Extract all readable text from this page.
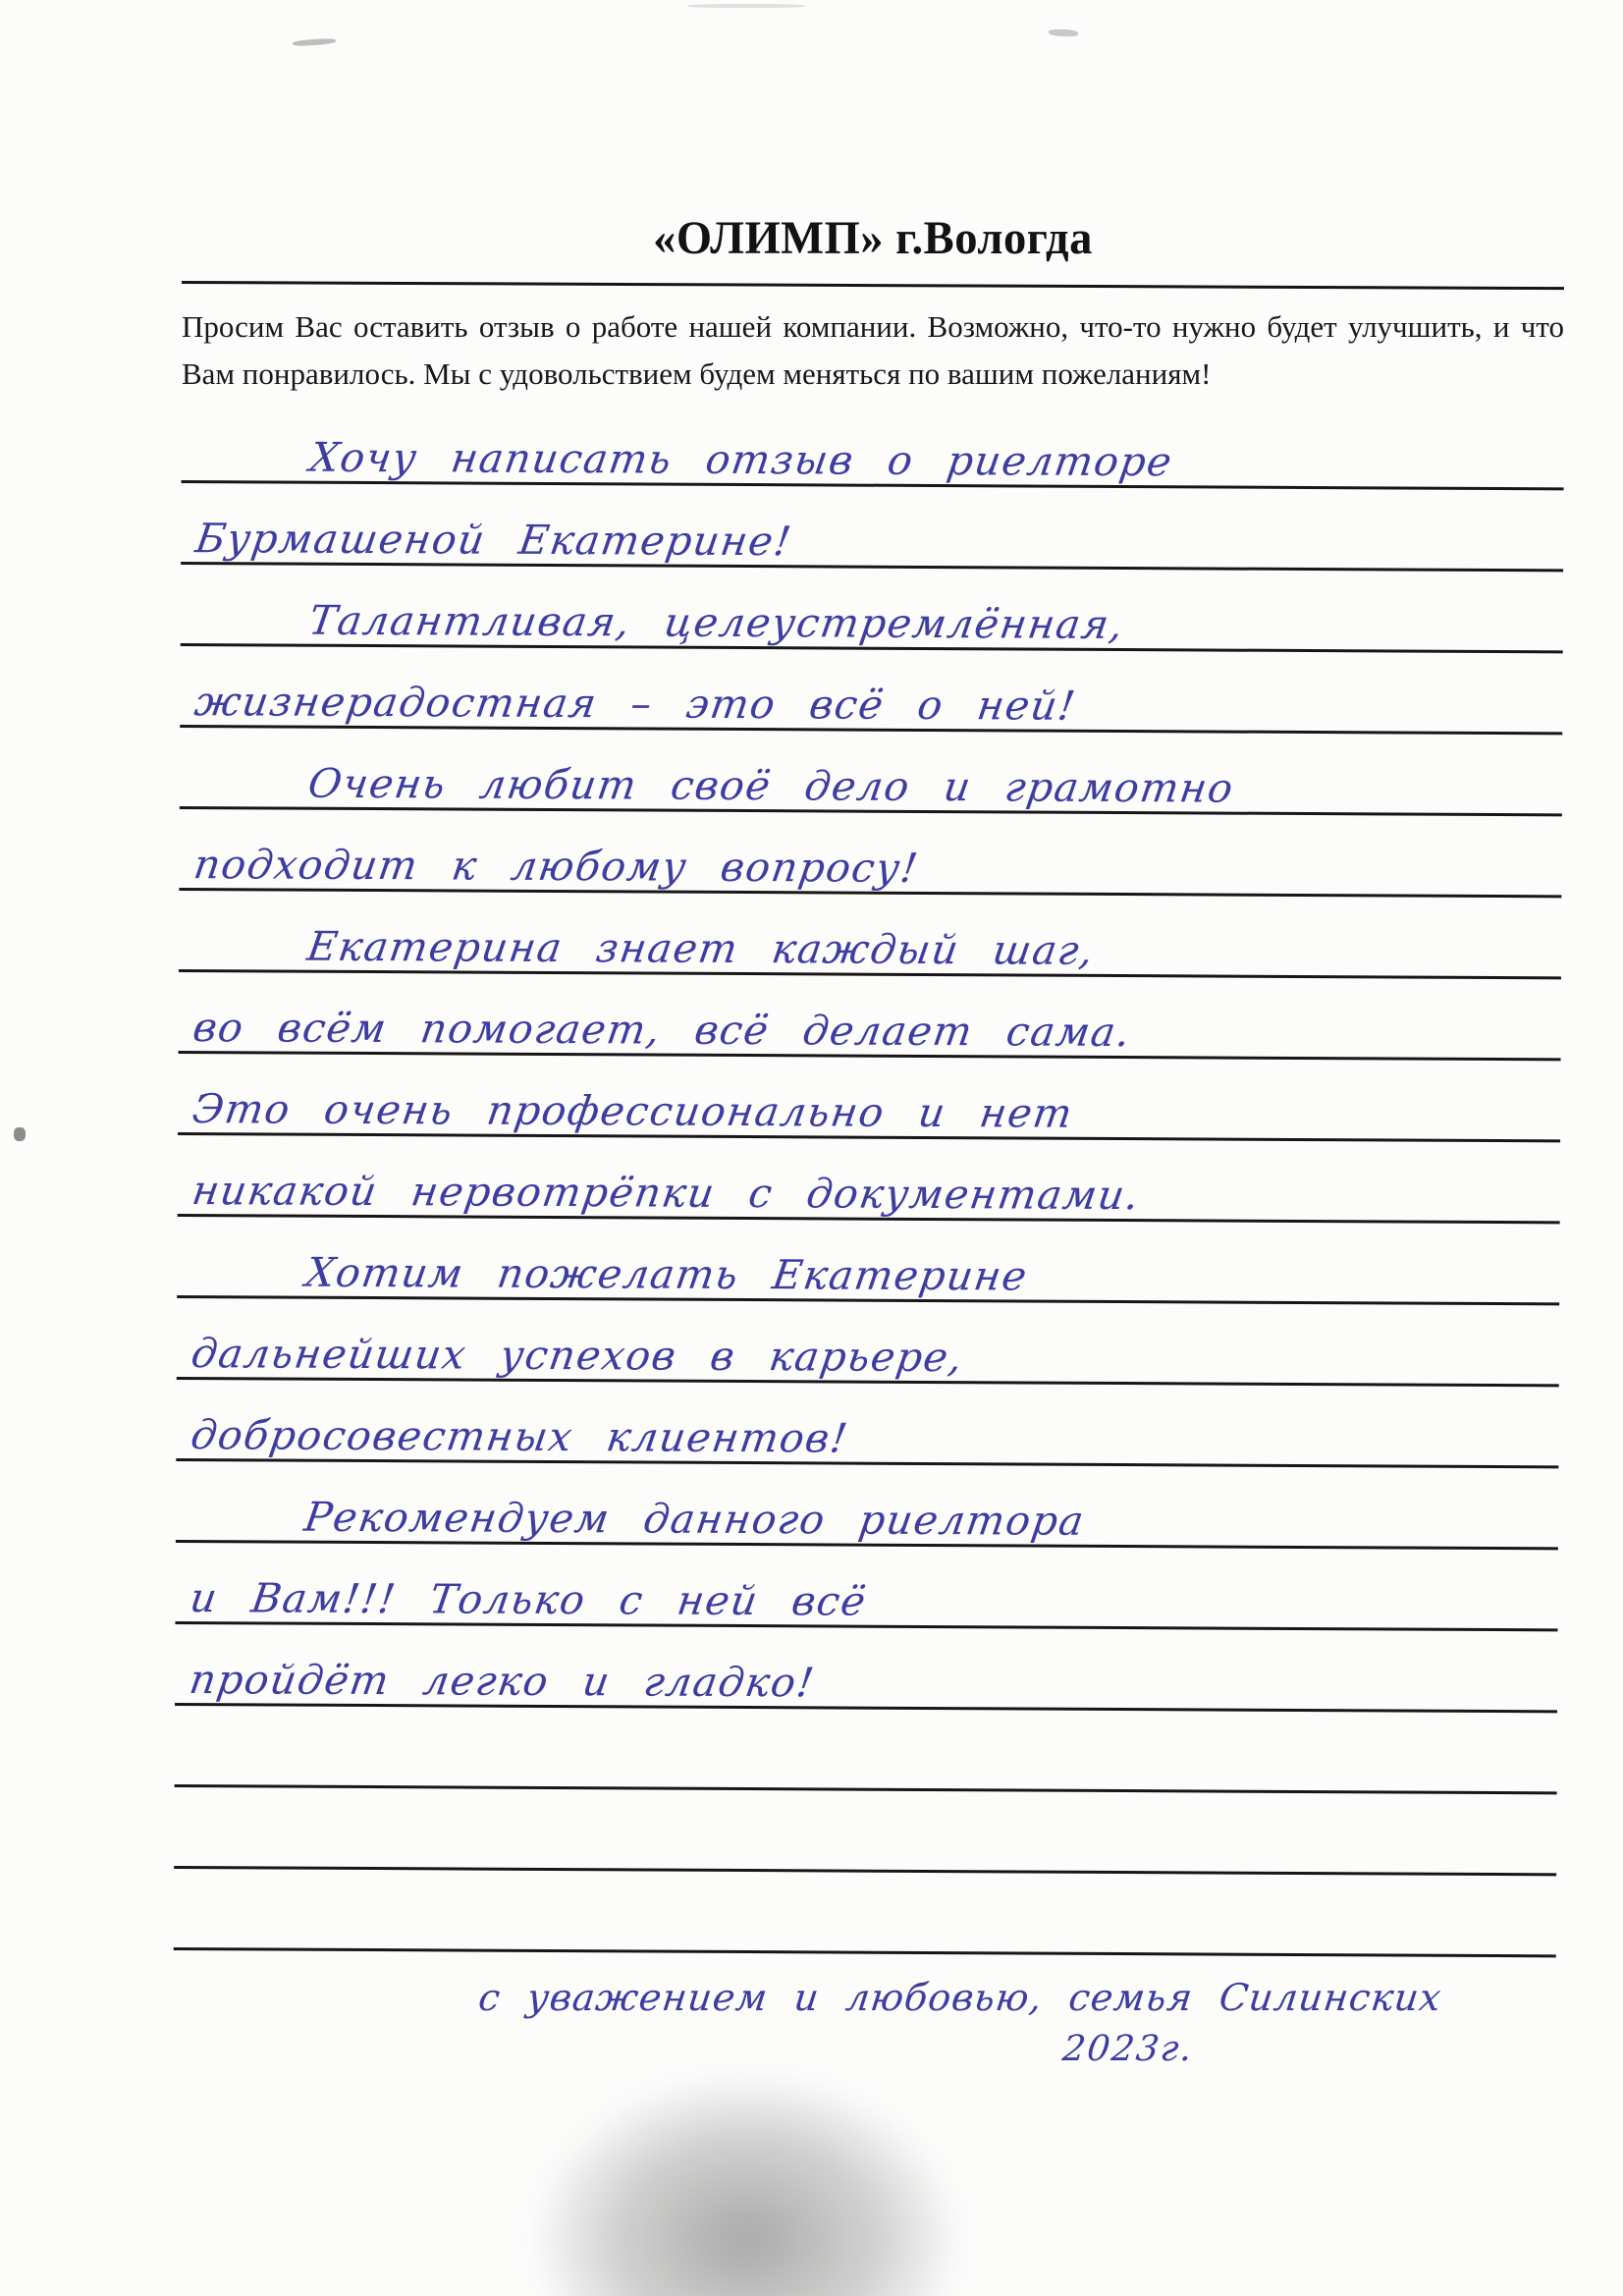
«ОЛИМП» г.Вологда
Просим Вас оставить отзыв о работе нашей компании. Возможно, что-то нужно будет улучшить, и что Вам понравилось. Мы с удовольствием будем меняться по вашим пожеланиям!
Хочу написать отзыв о риелторе
Бурмашеной Екатерине!
Талантливая, целеустремлённая,
жизнерадостная – это всё о ней!
Очень любит своё дело и грамотно
подходит к любому вопросу!
Екатерина знает каждый шаг,
во всём помогает, всё делает сама.
Это очень профессионально и нет
никакой нервотрёпки с документами.
Хотим пожелать Екатерине
дальнейших успехов в карьере,
добросовестных клиентов!
Рекомендуем данного риелтора
и Вам!!! Только с ней всё
пройдёт легко и гладко!
с уважением и любовью, семья Силинских
2023г.
